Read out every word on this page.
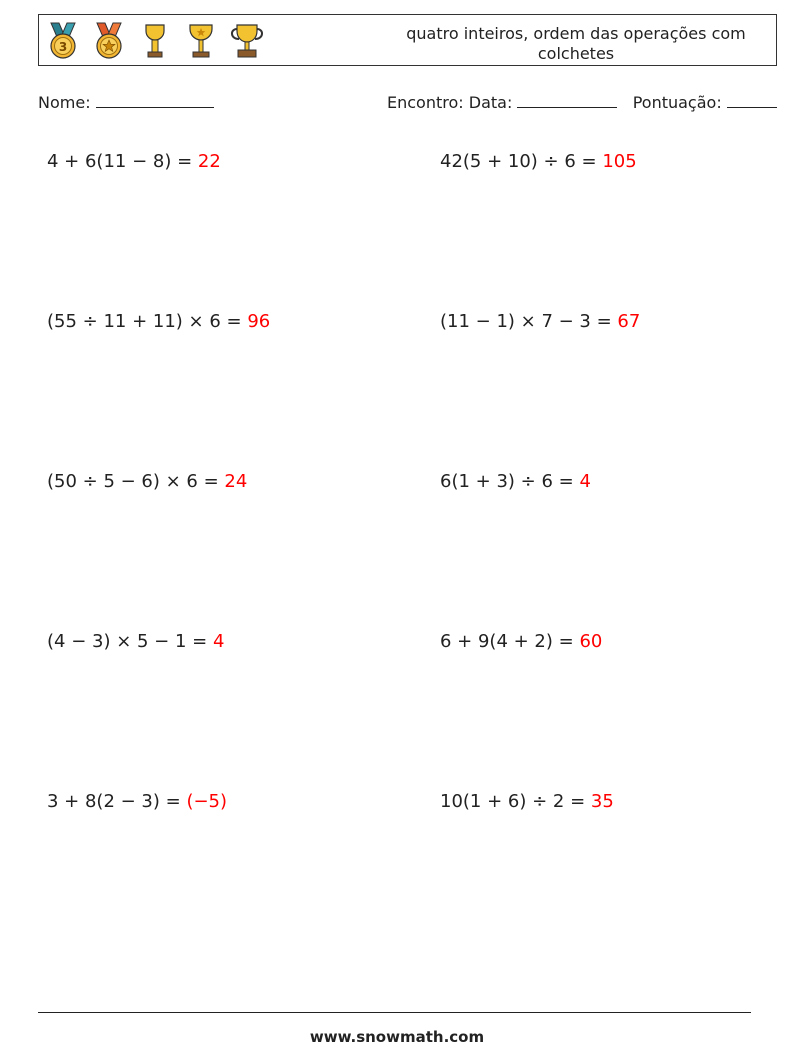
3
quatro inteiros, ordem das operações com colchetes
Nome:	Encontro: Data:	Pontuação:
4 + 6(11 − 8) = 22	42(5 + 10) ÷ 6 = 105
(55 ÷ 11 + 11) × 6 = 96	(11 − 1) × 7 − 3 = 67
(50 ÷ 5 − 6) × 6 = 24	6(1 + 3) ÷ 6 = 4
(4 − 3) × 5 − 1 = 4	6 + 9(4 + 2) = 60
3 + 8(2 − 3) = (−5)	10(1 + 6) ÷ 2 = 35
www.snowmath.com
